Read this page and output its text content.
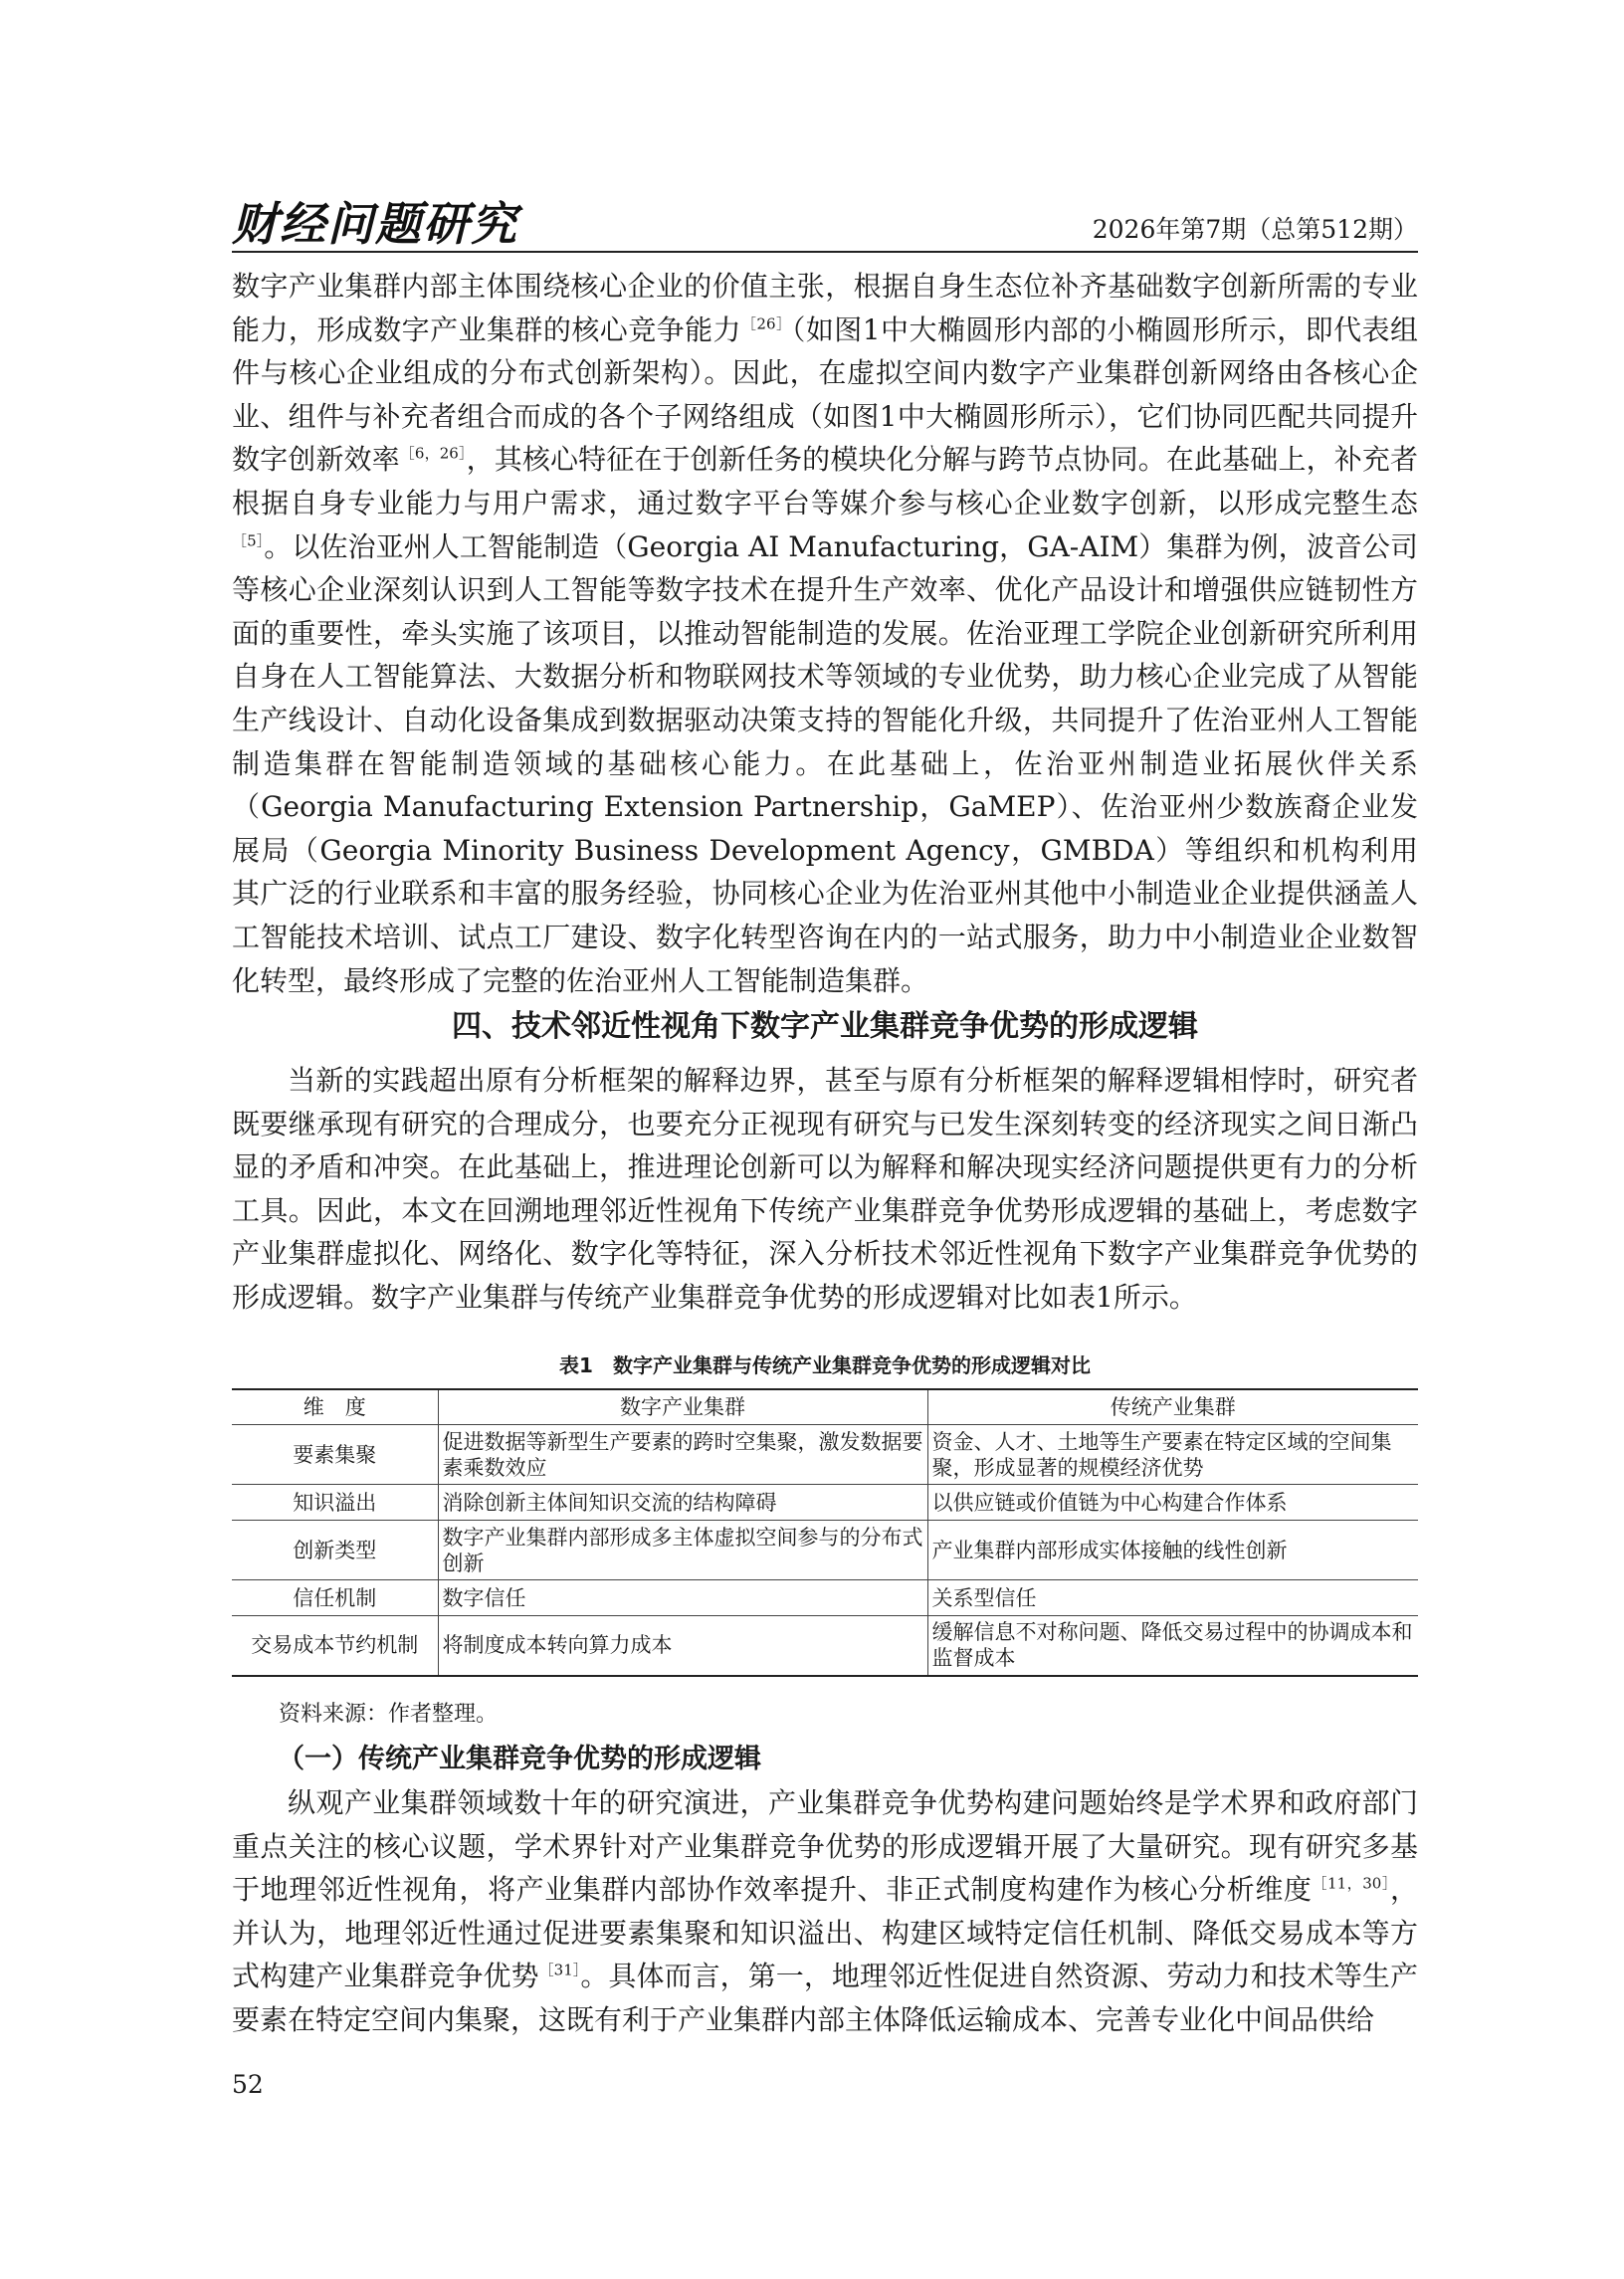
财经问题研究	2026年第7期（总第512期）

数字产业集群内部主体围绕核心企业的价值主张，根据自身生态位补齐基础数字创新所需的专业能力，形成数字产业集群的核心竞争能力$^{[26]}$（如图1中大椭圆形内部的小椭圆形所示，即代表组件与核心企业组成的分布式创新架构）。因此，在虚拟空间内数字产业集群创新网络由各核心企业、组件与补充者组合而成的各个子网络组成（如图1中大椭圆形所示），它们协同匹配共同提升数字创新效率$^{[6,26]}$，其核心特征在于创新任务的模块化分解与跨节点协同。在此基础上，补充者根据自身专业能力与用户需求，通过数字平台等媒介参与核心企业数字创新，以形成完整生态$^{[5]}$。以佐治亚州人工智能制造（Georgia AI Manufacturing，GA-AIM）集群为例，波音公司等核心企业深刻认识到人工智能等数字技术在提升生产效率、优化产品设计和增强供应链韧性方面的重要性，牵头实施了该项目，以推动智能制造的发展。佐治亚理工学院企业创新研究所利用自身在人工智能算法、大数据分析和物联网技术等领域的专业优势，助力核心企业完成了从智能生产线设计、自动化设备集成到数据驱动决策支持的智能化升级，共同提升了佐治亚州人工智能制造集群在智能制造领域的基础核心能力。在此基础上，佐治亚州制造业拓展伙伴关系（Georgia Manufacturing Extension Partnership，GaMEP）、佐治亚州少数族裔企业发展局（Georgia Minority Business Development Agency，GMBDA）等组织和机构利用其广泛的行业联系和丰富的服务经验，协同核心企业为佐治亚州其他中小制造业企业提供涵盖人工智能技术培训、试点工厂建设、数字化转型咨询在内的一站式服务，助力中小制造业企业数智化转型，最终形成了完整的佐治亚州人工智能制造集群。

四、技术邻近性视角下数字产业集群竞争优势的形成逻辑

当新的实践超出原有分析框架的解释边界，甚至与原有分析框架的解释逻辑相悖时，研究者既要继承现有研究的合理成分，也要充分正视现有研究与已发生深刻转变的经济现实之间日渐凸显的矛盾和冲突。在此基础上，推进理论创新可以为解释和解决现实经济问题提供更有力的分析工具。因此，本文在回溯地理邻近性视角下传统产业集群竞争优势形成逻辑的基础上，考虑数字产业集群虚拟化、网络化、数字化等特征，深入分析技术邻近性视角下数字产业集群竞争优势的形成逻辑。数字产业集群与传统产业集群竞争优势的形成逻辑对比如表1所示。

表1　数字产业集群与传统产业集群竞争优势的形成逻辑对比
维　度	数字产业集群	传统产业集群
要素集聚	促进数据等新型生产要素的跨时空集聚，激发数据要素乘数效应	资金、人才、土地等生产要素在特定区域的空间集聚，形成显著的规模经济优势
知识溢出	消除创新主体间知识交流的结构障碍	以供应链或价值链为中心构建合作体系
创新类型	数字产业集群内部形成多主体虚拟空间参与的分布式创新	产业集群内部形成实体接触的线性创新
信任机制	数字信任	关系型信任
交易成本节约机制	将制度成本转向算力成本	缓解信息不对称问题、降低交易过程中的协调成本和监督成本
资料来源：作者整理。
（一）传统产业集群竞争优势的形成逻辑

纵观产业集群领域数十年的研究演进，产业集群竞争优势构建问题始终是学术界和政府部门重点关注的核心议题，学术界针对产业集群竞争优势的形成逻辑开展了大量研究。现有研究多基于地理邻近性视角，将产业集群内部协作效率提升、非正式制度构建作为核心分析维度$^{[11,30]}$，并认为，地理邻近性通过促进要素集聚和知识溢出、构建区域特定信任机制、降低交易成本等方式构建产业集群竞争优势$^{[31]}$。具体而言，第一，地理邻近性促进自然资源、劳动力和技术等生产要素在特定空间内集聚，这既有利于产业集群内部主体降低运输成本、完善专业化中间品供给

52
